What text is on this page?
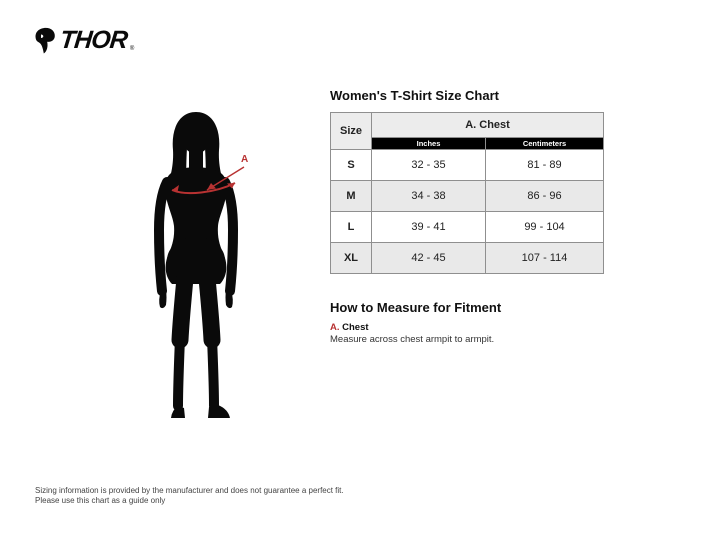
THOR ®
A
Women's T-Shirt Size Chart
Size	A. Chest	
	Inches	Centimeters
S	32 - 35	81 - 89
M	34 - 38	86 - 96
L	39 - 41	99 - 104
XL	42 - 45	107 - 114
How to Measure for Fitment
A. Chest
Measure across chest armpit to armpit.
Sizing information is provided by the manufacturer and does not guarantee a perfect fit.
Please use this chart as a guide only
